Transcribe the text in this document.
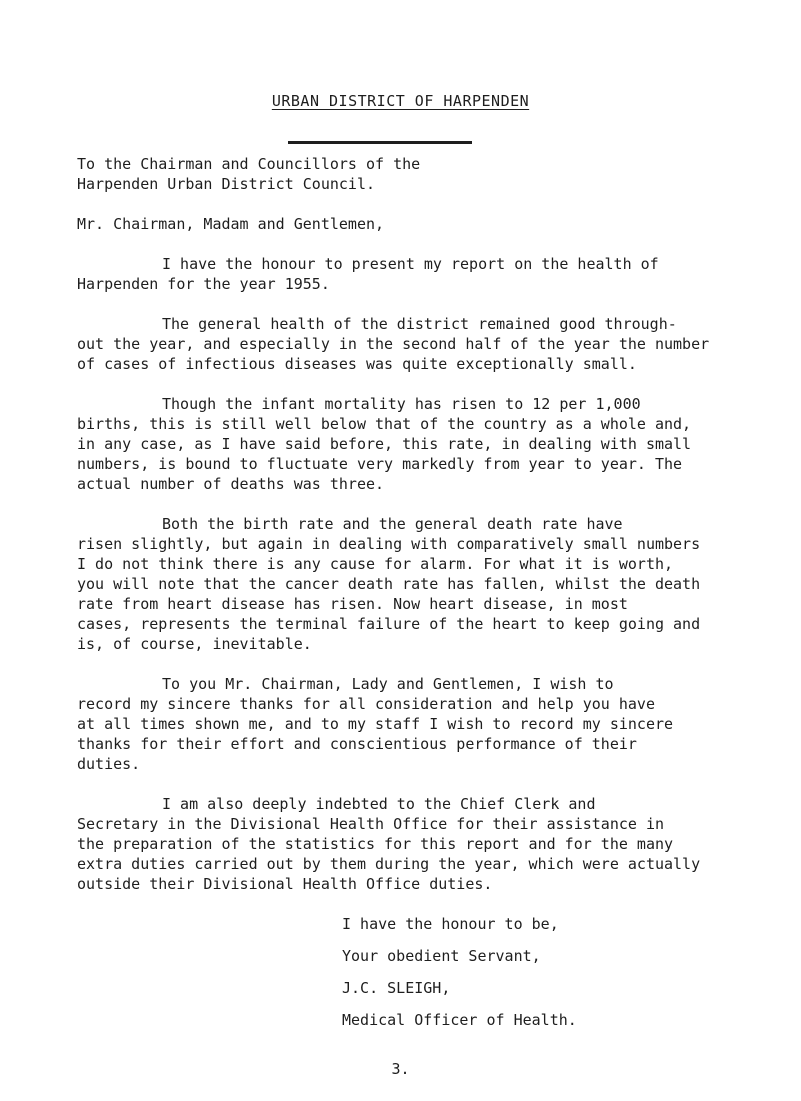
URBAN DISTRICT OF HARPENDEN
To the Chairman and Councillors of the
Harpenden Urban District Council.
Mr. Chairman, Madam and Gentlemen,
I have the honour to present my report on the health of
Harpenden for the year 1955.
The general health of the district remained good through-
out the year, and especially in the second half of the year the number
of cases of infectious diseases was quite exceptionally small.
Though the infant mortality has risen to 12 per 1,000
births, this is still well below that of the country as a whole and,
in any case, as I have said before, this rate, in dealing with small
numbers, is bound to fluctuate very markedly from year to year. The
actual number of deaths was three.
Both the birth rate and the general death rate have
risen slightly, but again in dealing with comparatively small numbers
I do not think there is any cause for alarm. For what it is worth,
you will note that the cancer death rate has fallen, whilst the death
rate from heart disease has risen. Now heart disease, in most
cases, represents the terminal failure of the heart to keep going and
is, of course, inevitable.
To you Mr. Chairman, Lady and Gentlemen, I wish to
record my sincere thanks for all consideration and help you have
at all times shown me, and to my staff I wish to record my sincere
thanks for their effort and conscientious performance of their
duties.
I am also deeply indebted to the Chief Clerk and
Secretary in the Divisional Health Office for their assistance in
the preparation of the statistics for this report and for the many
extra duties carried out by them during the year, which were actually
outside their Divisional Health Office duties.
I have the honour to be,
Your obedient Servant,
J.C. SLEIGH,
Medical Officer of Health.
3.
